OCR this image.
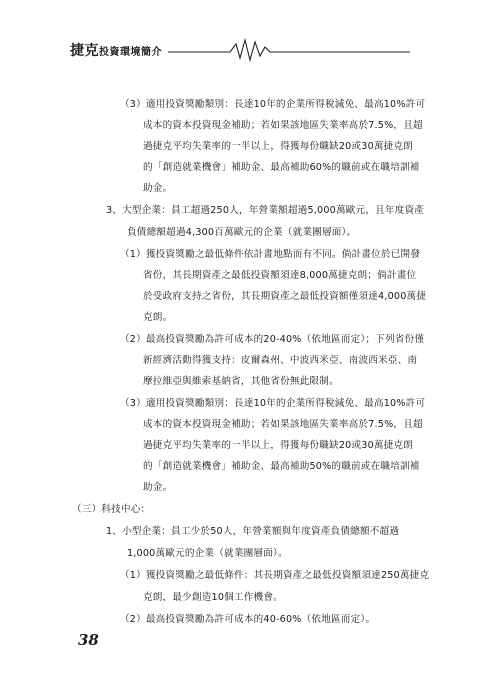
捷克投資環境簡介
（3）適用投資獎勵類別：長達10年的企業所得稅減免、最高10%許可
成本的資本投資現金補助；若如果該地區失業率高於7.5%，且超
過捷克平均失業率的一半以上，得獲每份職缺20或30萬捷克朗
的「創造就業機會」補助金、最高補助60%的職前或在職培訓補
助金。
3、大型企業：員工超過250人，年營業額超過5,000萬歐元，且年度資產
負債總額超過4,300百萬歐元的企業（就業團層面）。
（1）獲投資獎勵之最低條件依計畫地點而有不同。倘計畫位於已開發
省份，其長期資產之最低投資額須達8,000萬捷克朗；倘計畫位
於受政府支持之省份，其長期資產之最低投資額僅須達4,000萬捷
克朗。
（2）最高投資獎勵為許可成本的20-40%（依地區而定）；下列省份僅
新經濟活動得獲支持：皮爾森州、中波西米亞、南波西米亞、南
摩拉維亞與維索基納省，其他省份無此限制。
（3）適用投資獎勵類別：長達10年的企業所得稅減免、最高10%許可
成本的資本投資現金補助；若如果該地區失業率高於7.5%，且超
過捷克平均失業率的一半以上，得獲每份職缺20或30萬捷克朗
的「創造就業機會」補助金、最高補助50%的職前或在職培訓補
助金。
（三）科技中心：
1、小型企業：員工少於50人，年營業額與年度資產負債總額不超過
1,000萬歐元的企業（就業團層面）。
（1）獲投資獎勵之最低條件：其長期資產之最低投資額須達250萬捷克
克朗，最少創造10個工作機會。
（2）最高投資獎勵為許可成本的40-60%（依地區而定）。
38
